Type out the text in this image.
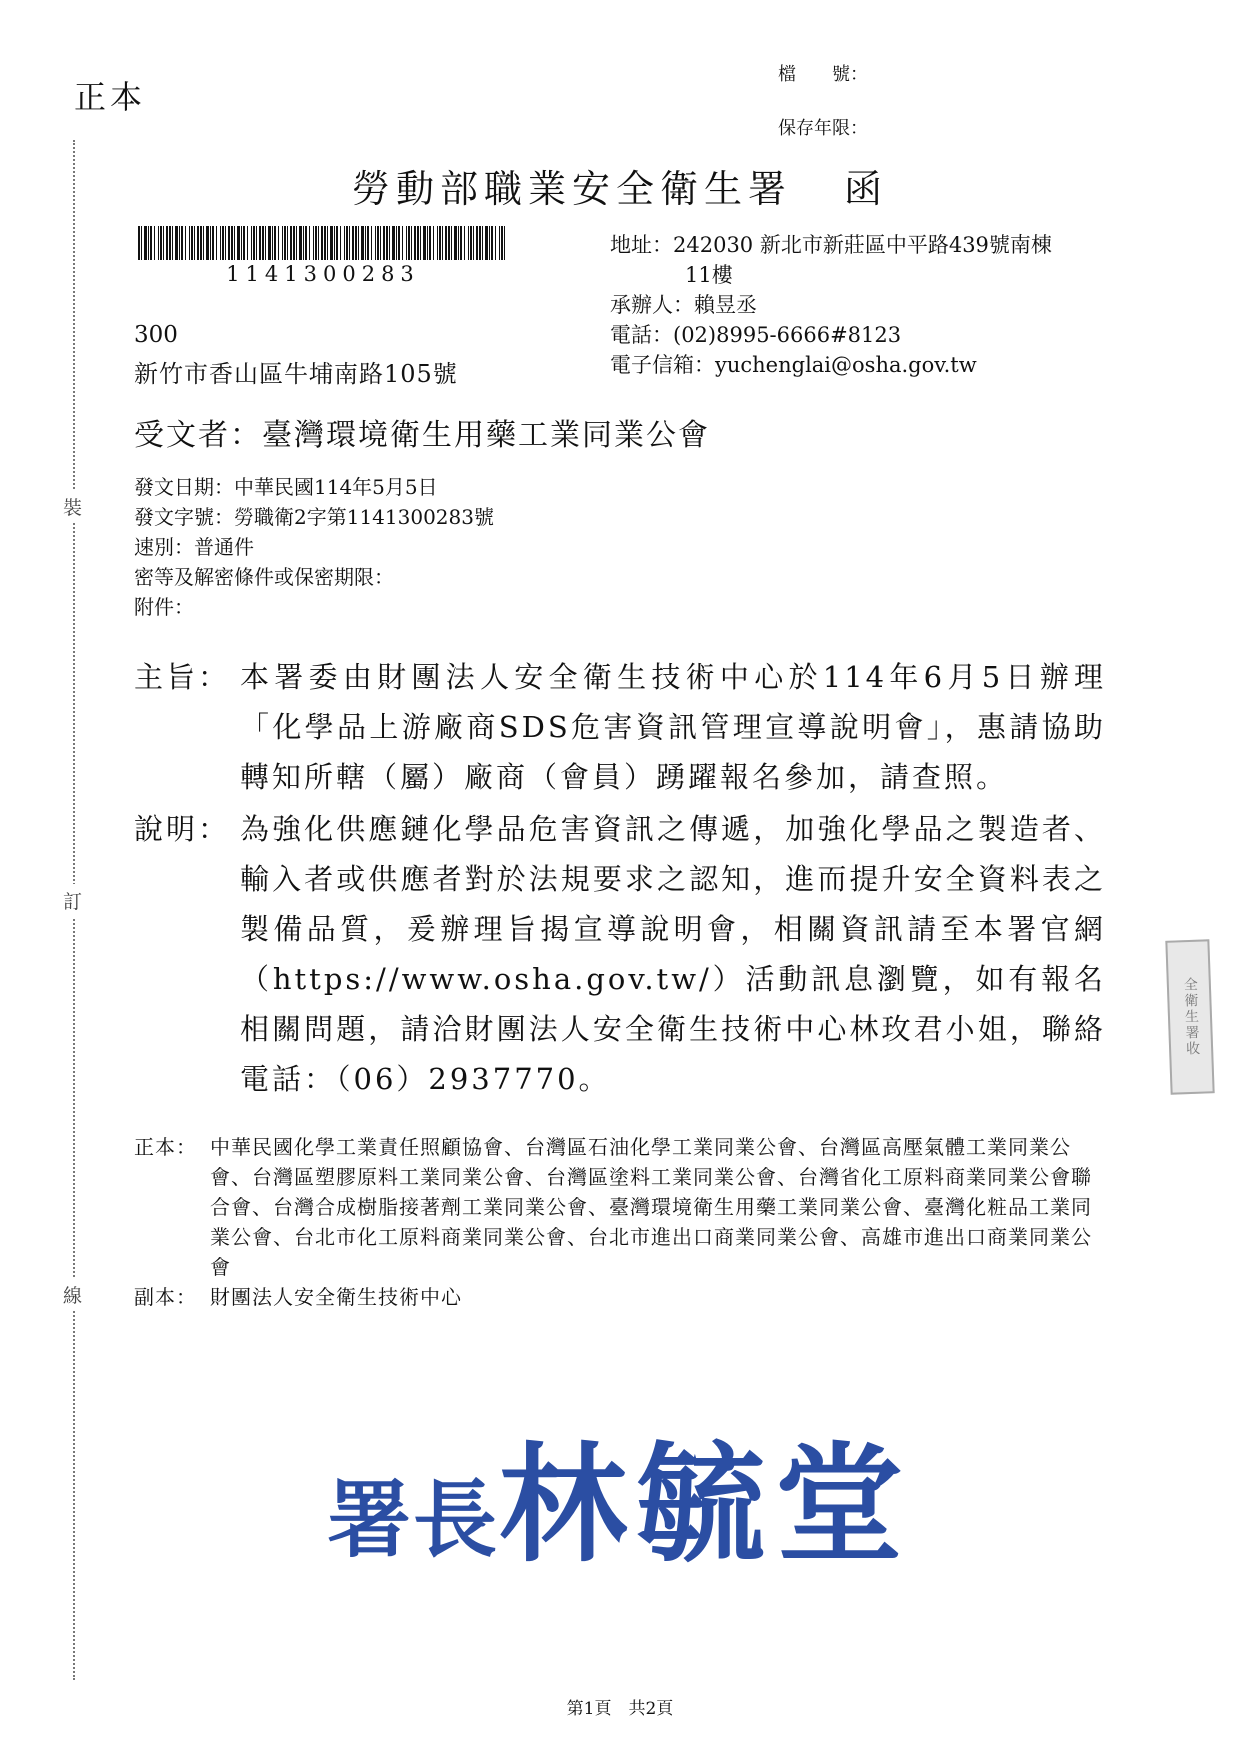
正本
檔　　號：
保存年限：
勞動部職業安全衛生署 函
1141300283
300
新竹市香山區牛埔南路105號
地址：242030 新北市新莊區中平路439號南棟
11樓
承辦人：賴昱丞
電話：(02)8995-6666#8123
電子信箱：yuchenglai@osha.gov.tw
受文者：臺灣環境衛生用藥工業同業公會
發文日期：中華民國114年5月5日
發文字號：勞職衛2字第1141300283號
速別：普通件
密等及解密條件或保密期限：
附件：
主旨： 本署委由財團法人安全衛生技術中心於114年6月5日辦理「化學品上游廠商SDS危害資訊管理宣導說明會」，惠請協助轉知所轄（屬）廠商（會員）踴躍報名參加，請查照。
說明： 為強化供應鏈化學品危害資訊之傳遞，加強化學品之製造者、輸入者或供應者對於法規要求之認知，進而提升安全資料表之製備品質，爰辦理旨揭宣導說明會，相關資訊請至本署官網（https://www.osha.gov.tw/）活動訊息瀏覽，如有報名相關問題，請洽財團法人安全衛生技術中心林玫君小姐，聯絡電話：（06）2937770。
正本： 中華民國化學工業責任照顧協會、台灣區石油化學工業同業公會、台灣區高壓氣體工業同業公會、台灣區塑膠原料工業同業公會、台灣區塗料工業同業公會、台灣省化工原料商業同業公會聯合會、台灣合成樹脂接著劑工業同業公會、臺灣環境衛生用藥工業同業公會、臺灣化粧品工業同業公會、台北市化工原料商業同業公會、台北市進出口商業同業公會、高雄市進出口商業同業公會
副本： 財團法人安全衛生技術中心
署長林毓堂
第1頁　共2頁
裝
訂
線
全衛生署收
